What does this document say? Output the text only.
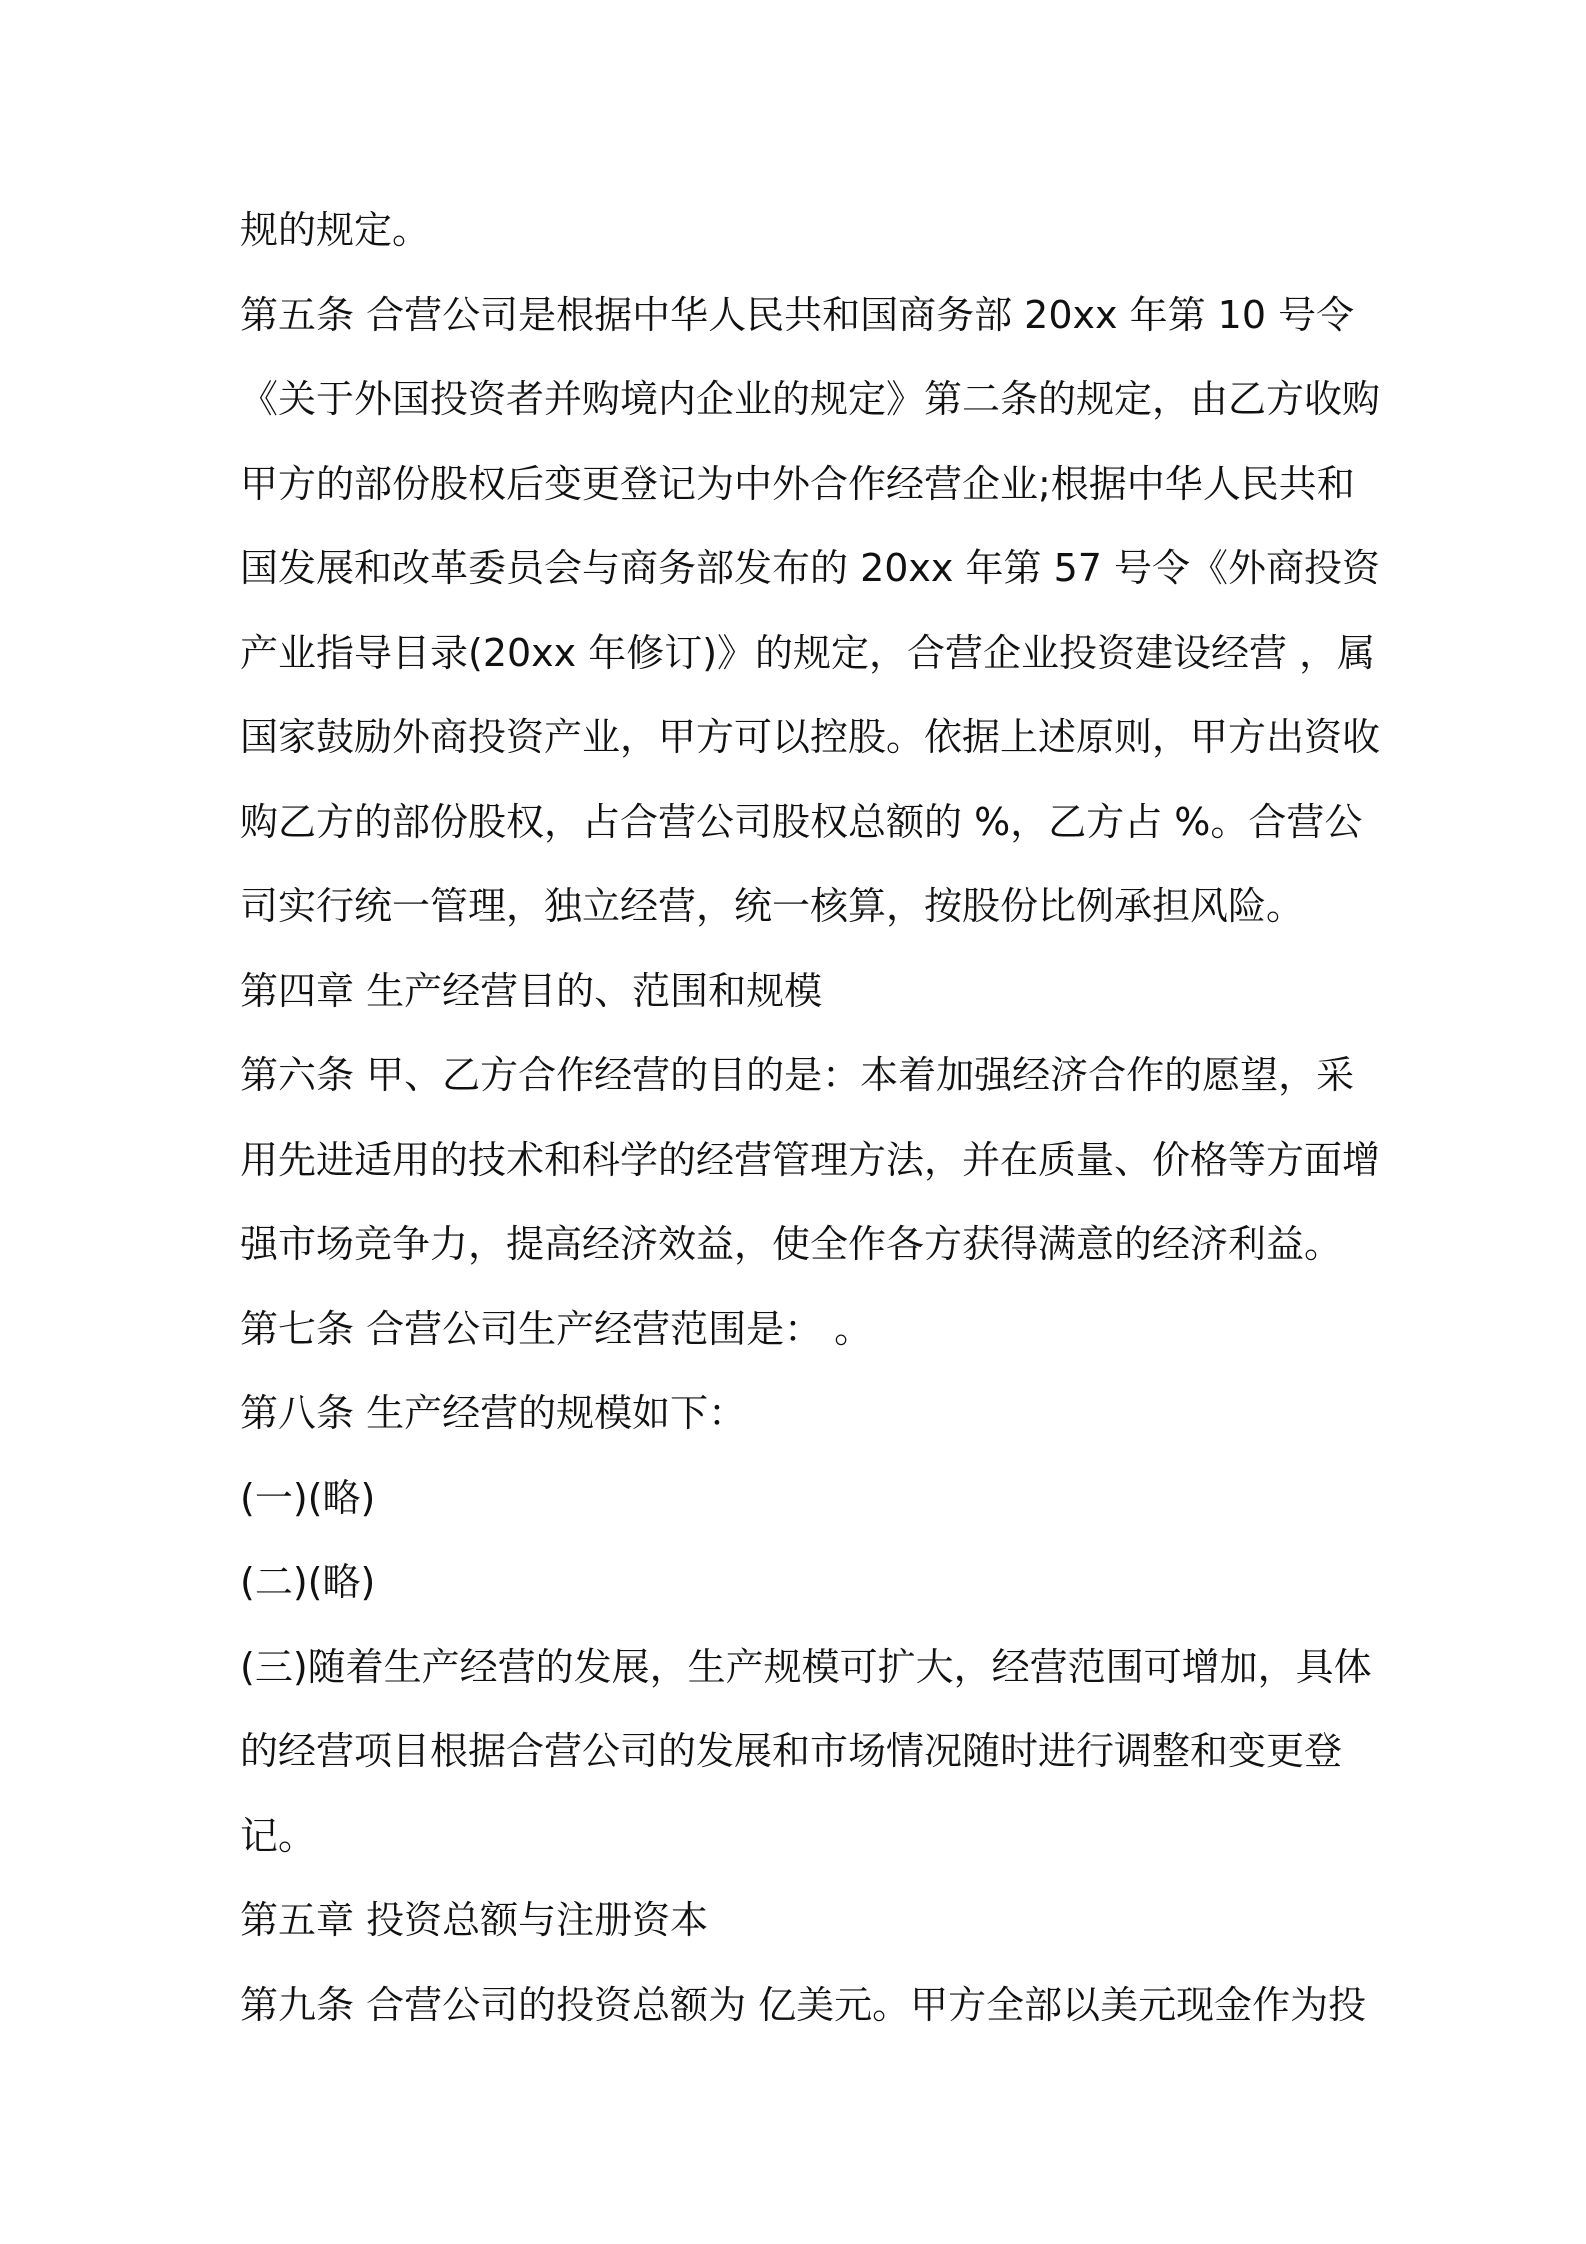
规的规定。
第五条 合营公司是根据中华人民共和国商务部 20xx 年第 10 号令
《关于外国投资者并购境内企业的规定》第二条的规定，由乙方收购
甲方的部份股权后变更登记为中外合作经营企业;根据中华人民共和
国发展和改革委员会与商务部发布的 20xx 年第 57 号令《外商投资
产业指导目录(20xx 年修订)》的规定，合营企业投资建设经营 ，属
国家鼓励外商投资产业，甲方可以控股。依据上述原则，甲方出资收
购乙方的部份股权，占合营公司股权总额的 %，乙方占 %。合营公
司实行统一管理，独立经营，统一核算，按股份比例承担风险。
第四章 生产经营目的、范围和规模
第六条 甲、乙方合作经营的目的是：本着加强经济合作的愿望，采
用先进适用的技术和科学的经营管理方法，并在质量、价格等方面增
强市场竞争力，提高经济效益，使全作各方获得满意的经济利益。
第七条 合营公司生产经营范围是： 。
第八条 生产经营的规模如下：
(一)(略)
(二)(略)
(三)随着生产经营的发展，生产规模可扩大，经营范围可增加，具体
的经营项目根据合营公司的发展和市场情况随时进行调整和变更登
记。
第五章 投资总额与注册资本
第九条 合营公司的投资总额为 亿美元。甲方全部以美元现金作为投
